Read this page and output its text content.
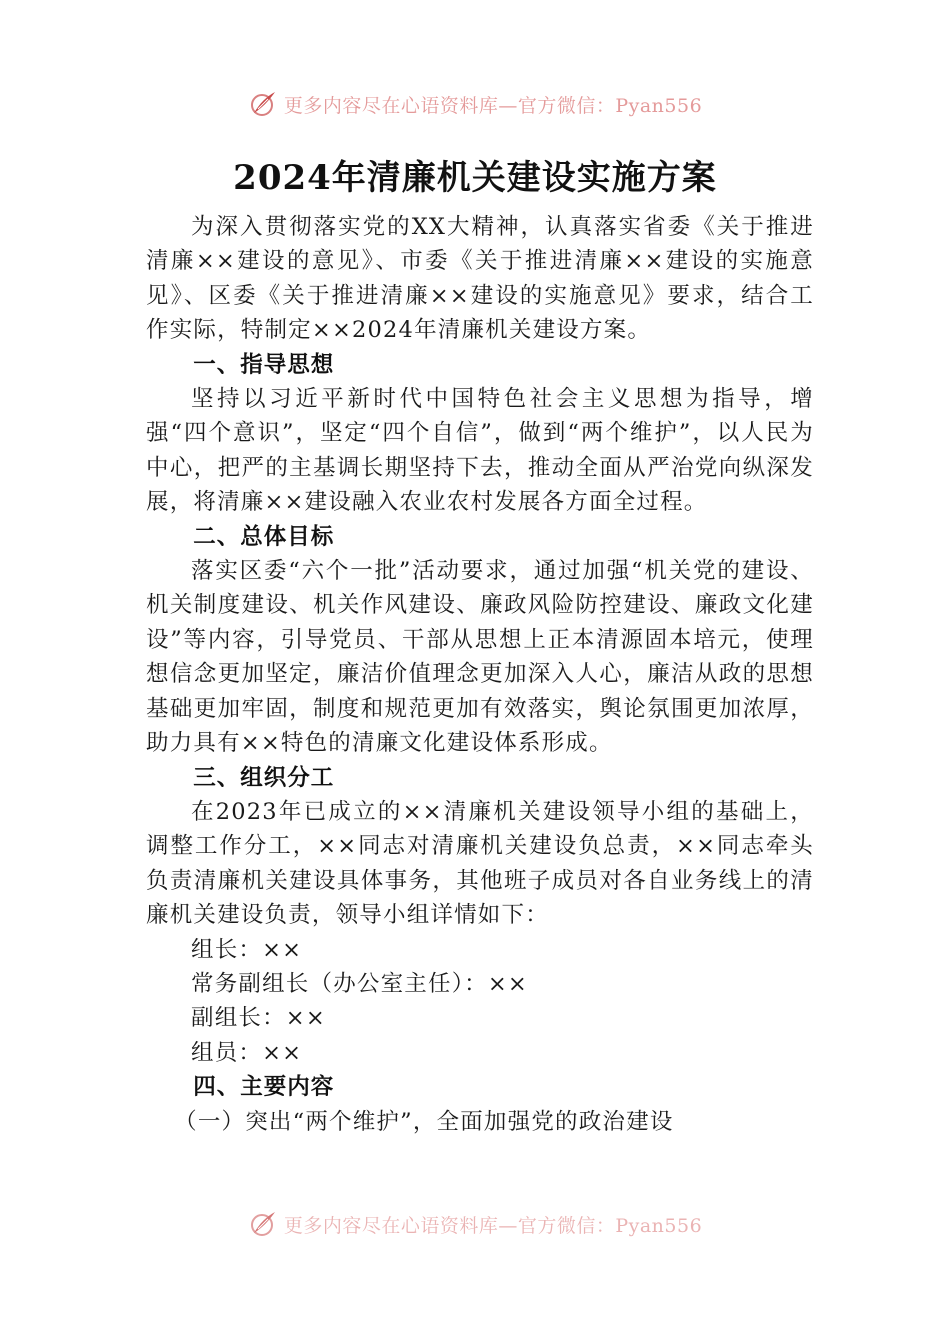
更多内容尽在心语资料库—官方微信：Pyan556
2024年清廉机关建设实施方案

为深入贯彻落实党的XX大精神，认真落实省委《关于推进清廉××建设的意见》、市委《关于推进清廉××建设的实施意见》、区委《关于推进清廉××建设的实施意见》要求，结合工作实际，特制定××2024年清廉机关建设方案。

一、指导思想

坚持以习近平新时代中国特色社会主义思想为指导，增强“四个意识”，坚定“四个自信”，做到“两个维护”，以人民为中心，把严的主基调长期坚持下去，推动全面从严治党向纵深发展，将清廉××建设融入农业农村发展各方面全过程。

二、总体目标

落实区委“六个一批”活动要求，通过加强“机关党的建设、机关制度建设、机关作风建设、廉政风险防控建设、廉政文化建设”等内容，引导党员、干部从思想上正本清源固本培元，使理想信念更加坚定，廉洁价值理念更加深入人心，廉洁从政的思想基础更加牢固，制度和规范更加有效落实，舆论氛围更加浓厚，助力具有××特色的清廉文化建设体系形成。

三、组织分工

在2023年已成立的××清廉机关建设领导小组的基础上，调整工作分工，××同志对清廉机关建设负总责，××同志牵头负责清廉机关建设具体事务，其他班子成员对各自业务线上的清廉机关建设负责，领导小组详情如下：

组长：××

常务副组长（办公室主任）：××

副组长：××

组员：××

四、主要内容

（一）突出“两个维护”，全面加强党的政治建设

更多内容尽在心语资料库—官方微信：Pyan556
